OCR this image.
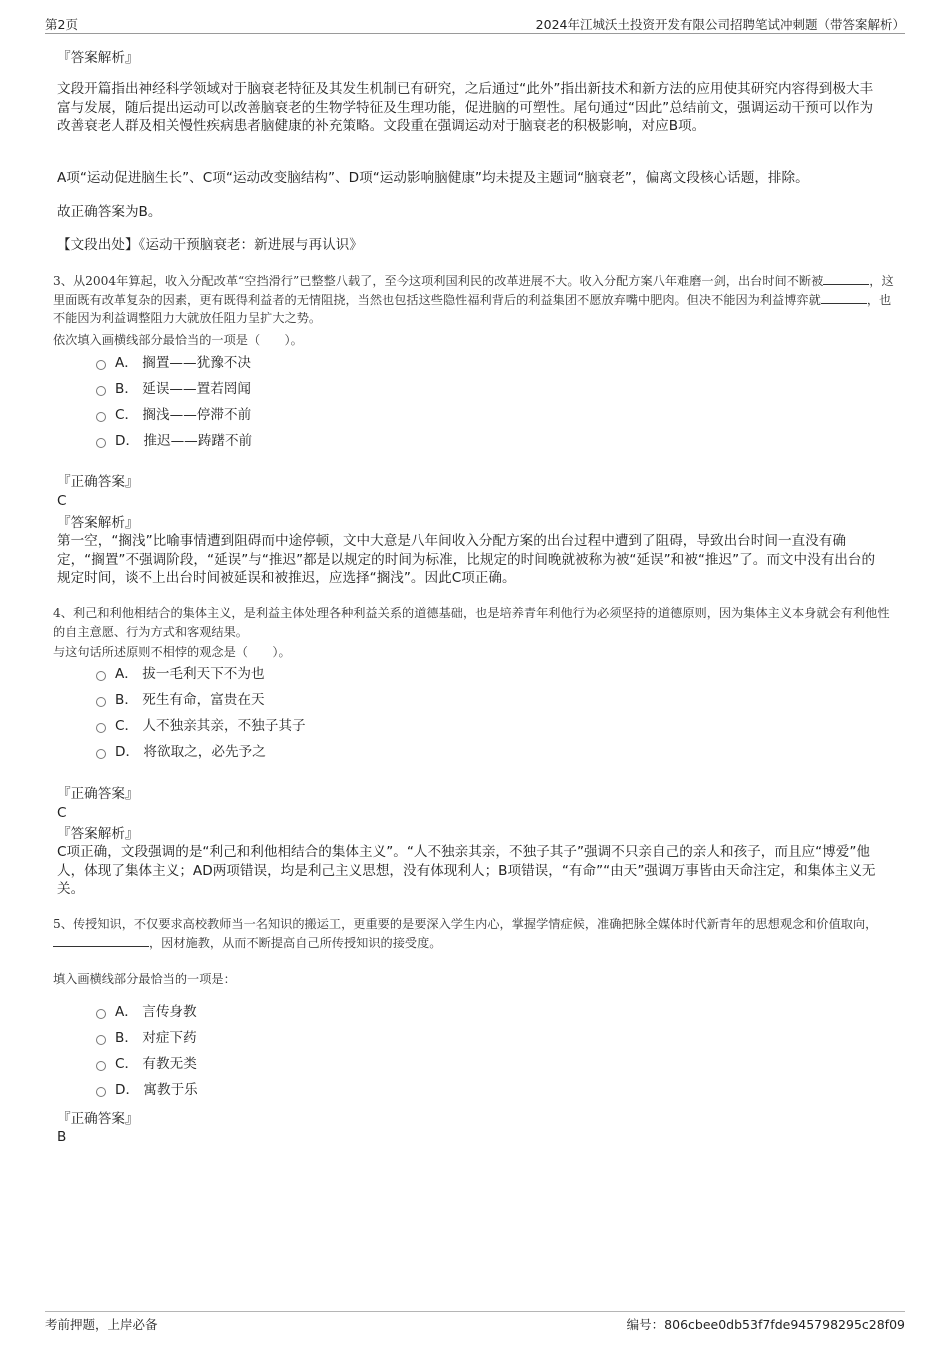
第2页	2024年江城沃土投资开发有限公司招聘笔试冲刺题（带答案解析）
『答案解析』
文段开篇指出神经科学领域对于脑衰老特征及其发生机制已有研究，之后通过“此外”指出新技术和新方法的应用使其研究内容得到极大丰富与发展，随后提出运动可以改善脑衰老的生物学特征及生理功能，促进脑的可塑性。尾句通过“因此”总结前文，强调运动干预可以作为改善衰老人群及相关慢性疾病患者脑健康的补充策略。文段重在强调运动对于脑衰老的积极影响，对应B项。
A项“运动促进脑生长”、C项“运动改变脑结构”、D项“运动影响脑健康”均未提及主题词“脑衰老”，偏离文段核心话题，排除。
故正确答案为B。
【文段出处】《运动干预脑衰老：新进展与再认识》
3、从2004年算起，收入分配改革“空挡滑行”已整整八载了，至今这项利国利民的改革进展不大。收入分配方案八年难磨一剑，出台时间不断被	，这里面既有改革复杂的因素，更有既得利益者的无情阻挠，当然也包括这些隐性福利背后的利益集团不愿放弃嘴中肥肉。但决不能因为利益博弈就	，也不能因为利益调整阻力大就放任阻力呈扩大之势。
依次填入画横线部分最恰当的一项是（　　）。
A． 搁置——犹豫不决
B． 延误——置若罔闻
C． 搁浅——停滞不前
D． 推迟——踌躇不前
『正确答案』
C
『答案解析』
第一空，“搁浅”比喻事情遭到阻碍而中途停顿，文中大意是八年间收入分配方案的出台过程中遭到了阻碍，导致出台时间一直没有确定，“搁置”不强调阶段，“延误”与“推迟”都是以规定的时间为标准，比规定的时间晚就被称为被“延误”和被“推迟”了。而文中没有出台的规定时间，谈不上出台时间被延误和被推迟，应选择“搁浅”。因此C项正确。
4、利己和利他相结合的集体主义，是利益主体处理各种利益关系的道德基础，也是培养青年利他行为必须坚持的道德原则，因为集体主义本身就会有利他性的自主意愿、行为方式和客观结果。
与这句话所述原则不相悖的观念是（　　）。
A． 拔一毛利天下不为也
B． 死生有命，富贵在天
C． 人不独亲其亲，不独子其子
D． 将欲取之，必先予之
『正确答案』
C
『答案解析』
C项正确，文段强调的是“利己和利他相结合的集体主义”。“人不独亲其亲，不独子其子”强调不只亲自己的亲人和孩子，而且应“博爱”他人，体现了集体主义；AD两项错误，均是利己主义思想，没有体现利人；B项错误，“有命”“由天”强调万事皆由天命注定，和集体主义无关。
5、传授知识，不仅要求高校教师当一名知识的搬运工，更重要的是要深入学生内心，掌握学情症候，准确把脉全媒体时代新青年的思想观念和价值取向，，因材施教，从而不断提高自己所传授知识的接受度。
填入画横线部分最恰当的一项是：
A． 言传身教
B． 对症下药
C． 有教无类
D． 寓教于乐
『正确答案』
B
考前押题，上岸必备	编号：806cbee0db53f7fde945798295c28f09
